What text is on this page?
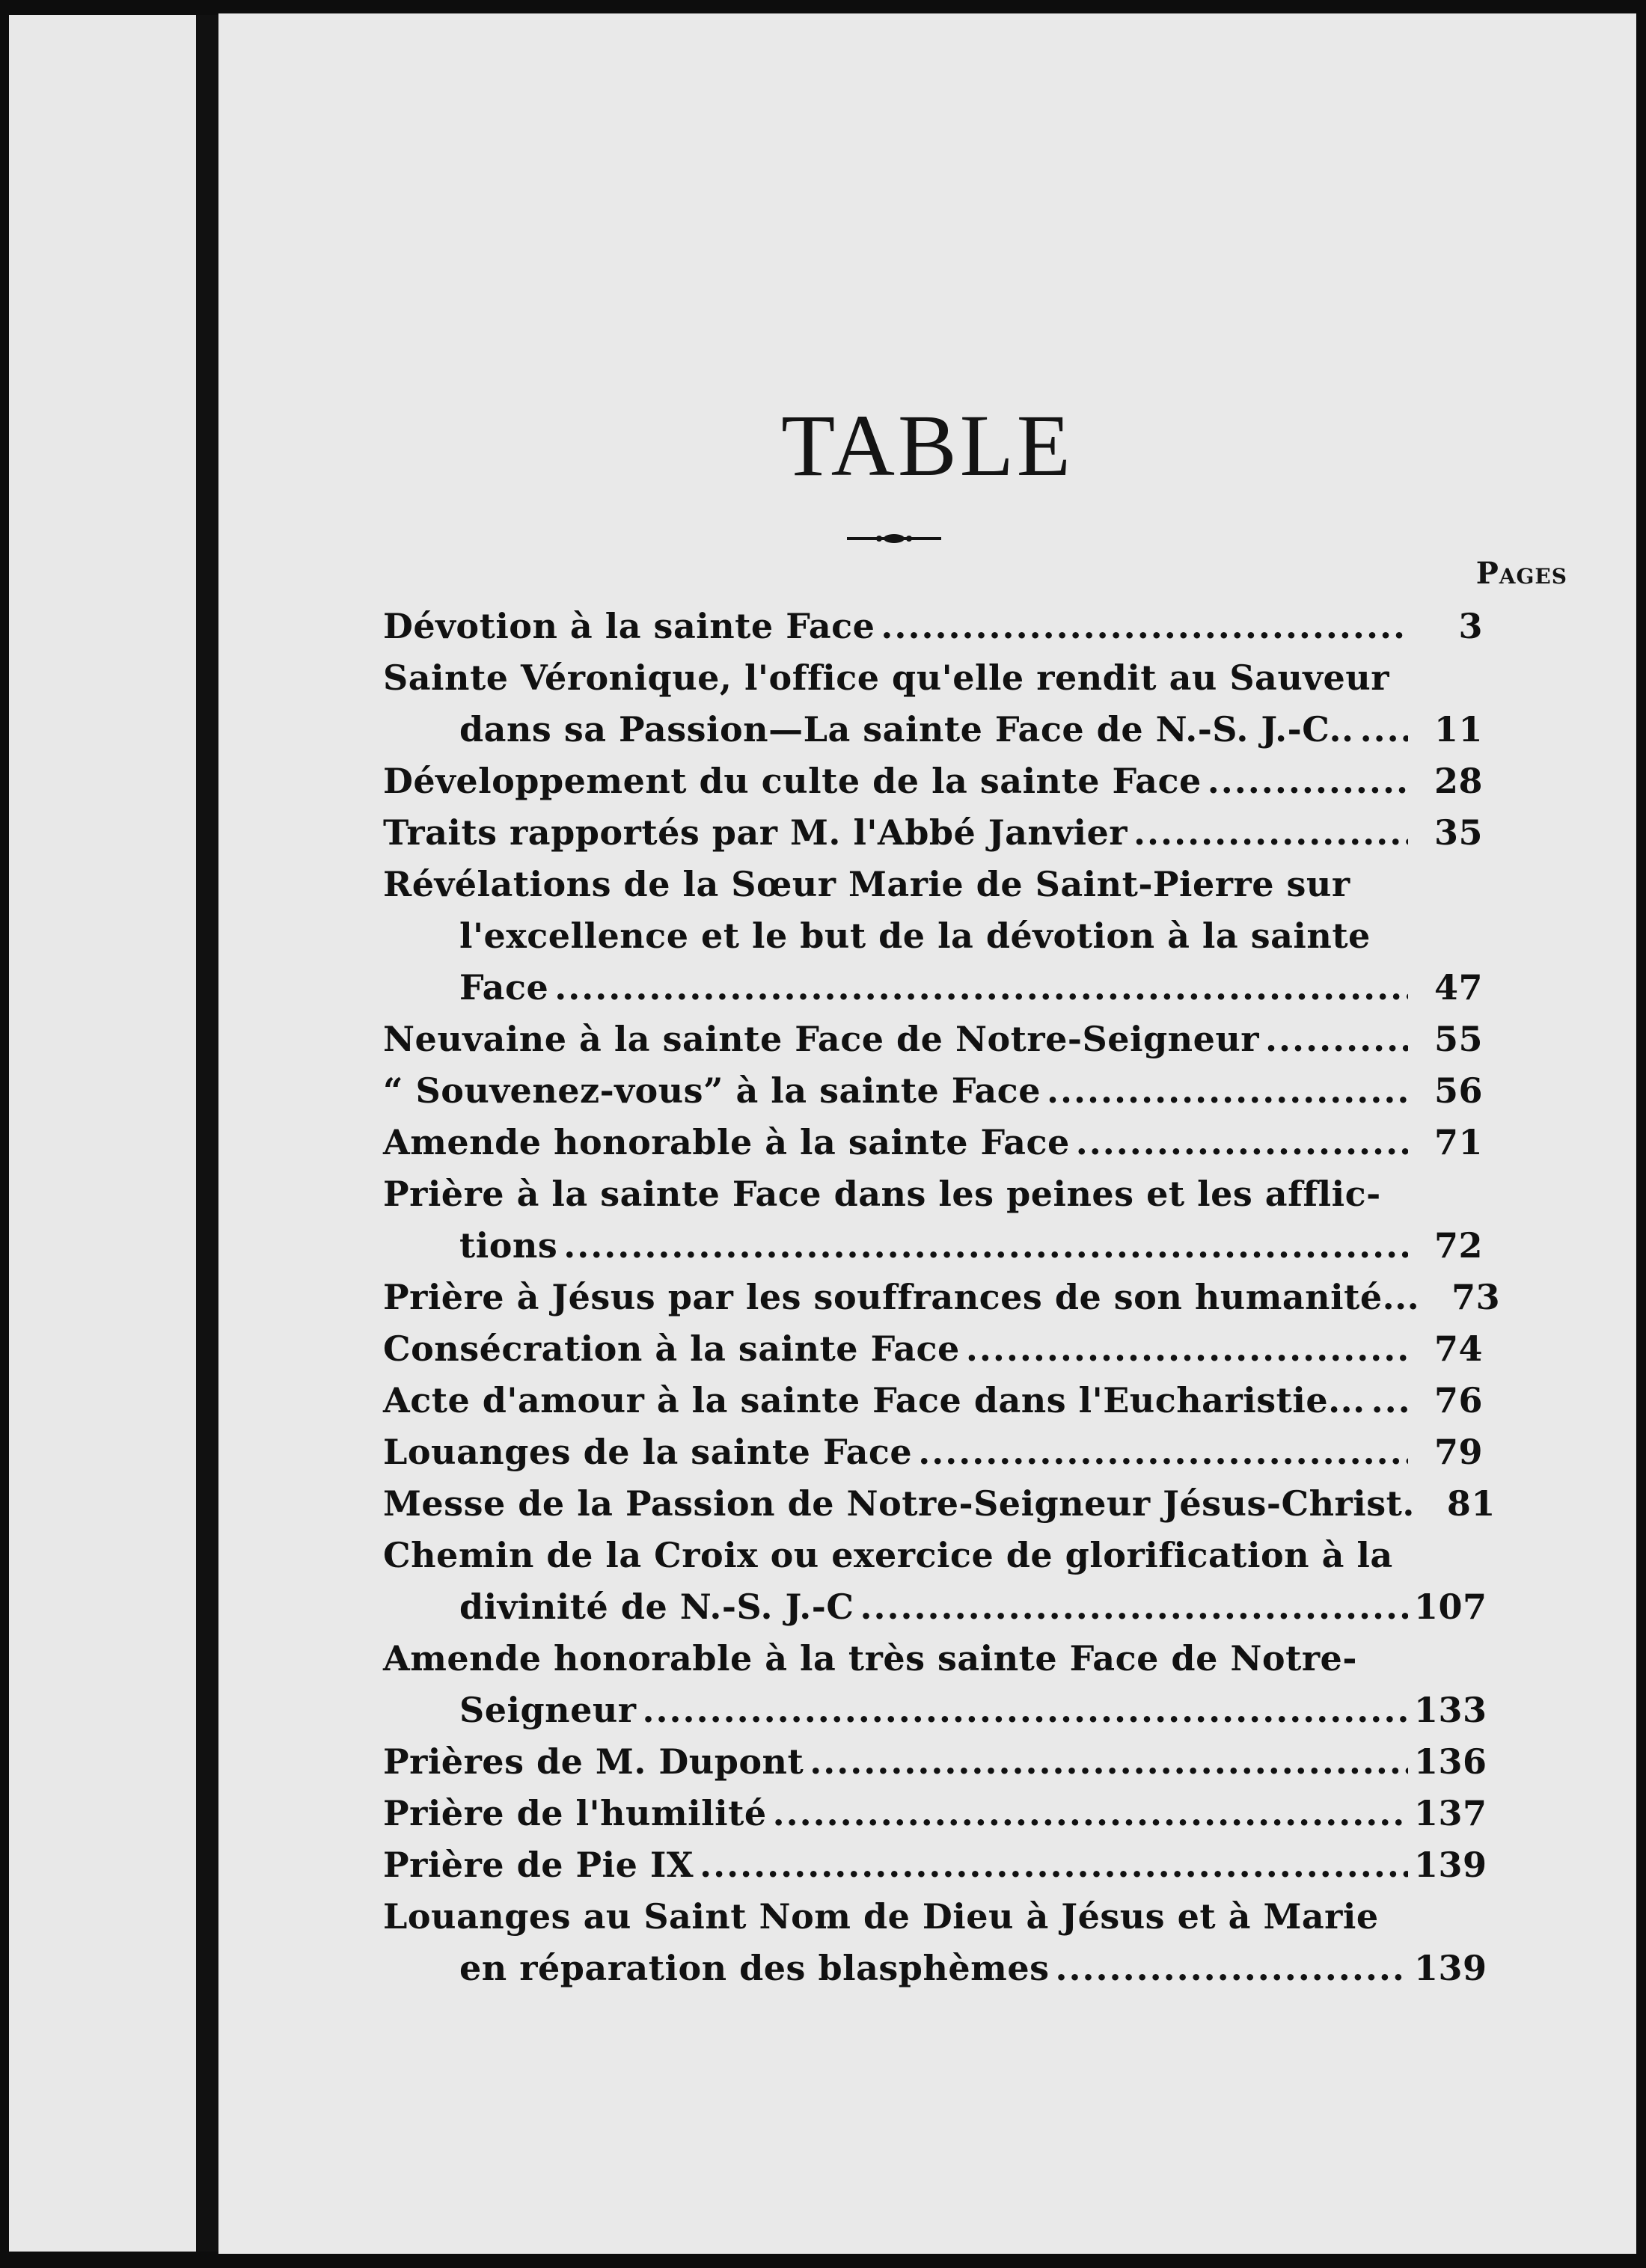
TABLE
Pages
Dévotion à la sainte Face .....	3
Sainte Véronique, l'office qu'elle rendit au Sauveur
dans sa Passion—La sainte Face de N.-S. J.-C.. .....	11
Développement du culte de la sainte Face .....	28
Traits rapportés par M. l'Abbé Janvier .....	35
Révélations de la Sœur Marie de Saint-Pierre sur
l'excellence et le but de la dévotion à la sainte
Face .....	47
Neuvaine à la sainte Face de Notre-Seigneur .....	55
“ Souvenez-vous” à la sainte Face .....	56
Amende honorable à la sainte Face .....	71
Prière à la sainte Face dans les peines et les afflic-
tions .....	72
Prière à Jésus par les souffrances de son humanité... 73
Consécration à la sainte Face .....	74
Acte d'amour à la sainte Face dans l'Eucharistie... .....	76
Louanges de la sainte Face .....	79
Messe de la Passion de Notre-Seigneur Jésus-Christ. 81
Chemin de la Croix ou exercice de glorification à la
divinité de N.-S. J.-C .....	107
Amende honorable à la très sainte Face de Notre-
Seigneur .....	133
Prières de M. Dupont .....	136
Prière de l'humilité .....	137
Prière de Pie IX .....	139
Louanges au Saint Nom de Dieu à Jésus et à Marie
en réparation des blasphèmes .....	139
